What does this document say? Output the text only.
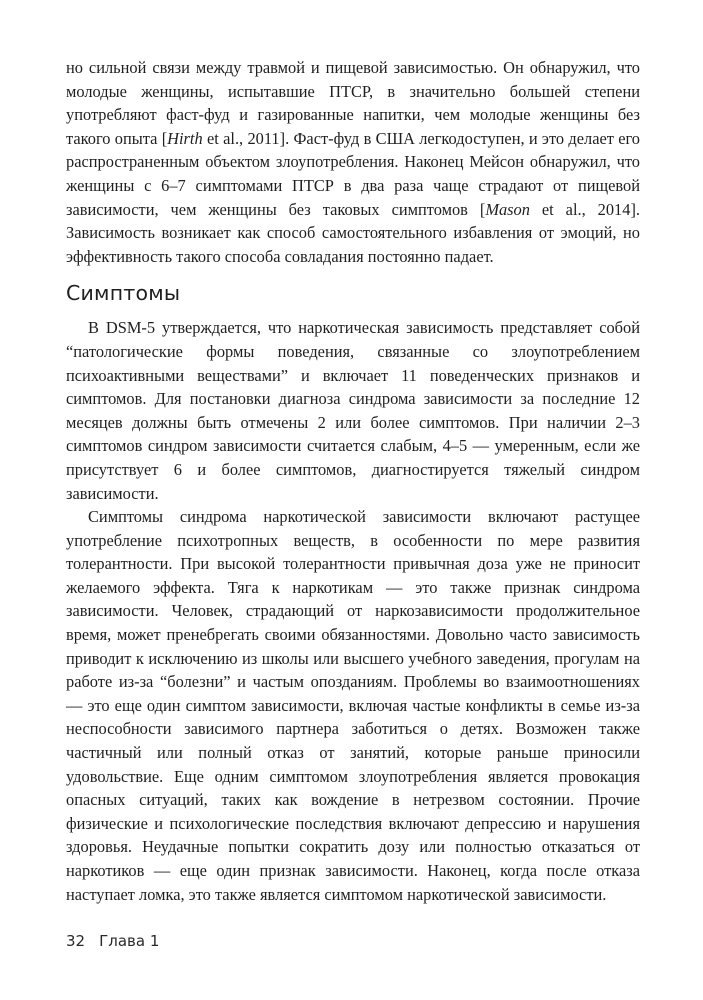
но сильной связи между травмой и пищевой зависимостью. Он обнаружил, что молодые женщины, испытавшие ПТСР, в значительно большей степени употребляют фаст-фуд и газированные напитки, чем молодые женщины без такого опыта [Hirth et al., 2011]. Фаст-фуд в США легкодоступен, и это делает его распространенным объектом злоупотребления. Наконец Мейсон обнаружил, что женщины с 6–7 симптомами ПТСР в два раза чаще страдают от пищевой зависимости, чем женщины без таковых симптомов [Mason et al., 2014]. Зависимость возникает как способ самостоятельного избавления от эмоций, но эффективность такого способа совладания постоянно падает.

Симптомы

В DSM-5 утверждается, что наркотическая зависимость представляет собой “патологические формы поведения, связанные со злоупотреблением психоактивными веществами” и включает 11 поведенческих признаков и симптомов. Для постановки диагноза синдрома зависимости за последние 12 месяцев должны быть отмечены 2 или более симптомов. При наличии 2–3 симптомов синдром зависимости считается слабым, 4–5 — умеренным, если же присутствует 6 и более симптомов, диагностируется тяжелый синдром зависимости.

Симптомы синдрома наркотической зависимости включают растущее употребление психотропных веществ, в особенности по мере развития толерантности. При высокой толерантности привычная доза уже не приносит желаемого эффекта. Тяга к наркотикам — это также признак синдрома зависимости. Человек, страдающий от наркозависимости продолжительное время, может пренебрегать своими обязанностями. Довольно часто зависимость приводит к исключению из школы или высшего учебного заведения, прогулам на работе из-за “болезни” и частым опозданиям. Проблемы во взаимоотношениях — это еще один симптом зависимости, включая частые конфликты в семье из-за неспособности зависимого партнера заботиться о детях. Возможен также частичный или полный отказ от занятий, которые раньше приносили удовольствие. Еще одним симптомом злоупотребления является провокация опасных ситуаций, таких как вождение в нетрезвом состоянии. Прочие физические и психологические последствия включают депрессию и нарушения здоровья. Неудачные попытки сократить дозу или полностью отказаться от наркотиков — еще один признак зависимости. Наконец, когда после отказа наступает ломка, это также является симптомом наркотической зависимости.

32 Глава 1
